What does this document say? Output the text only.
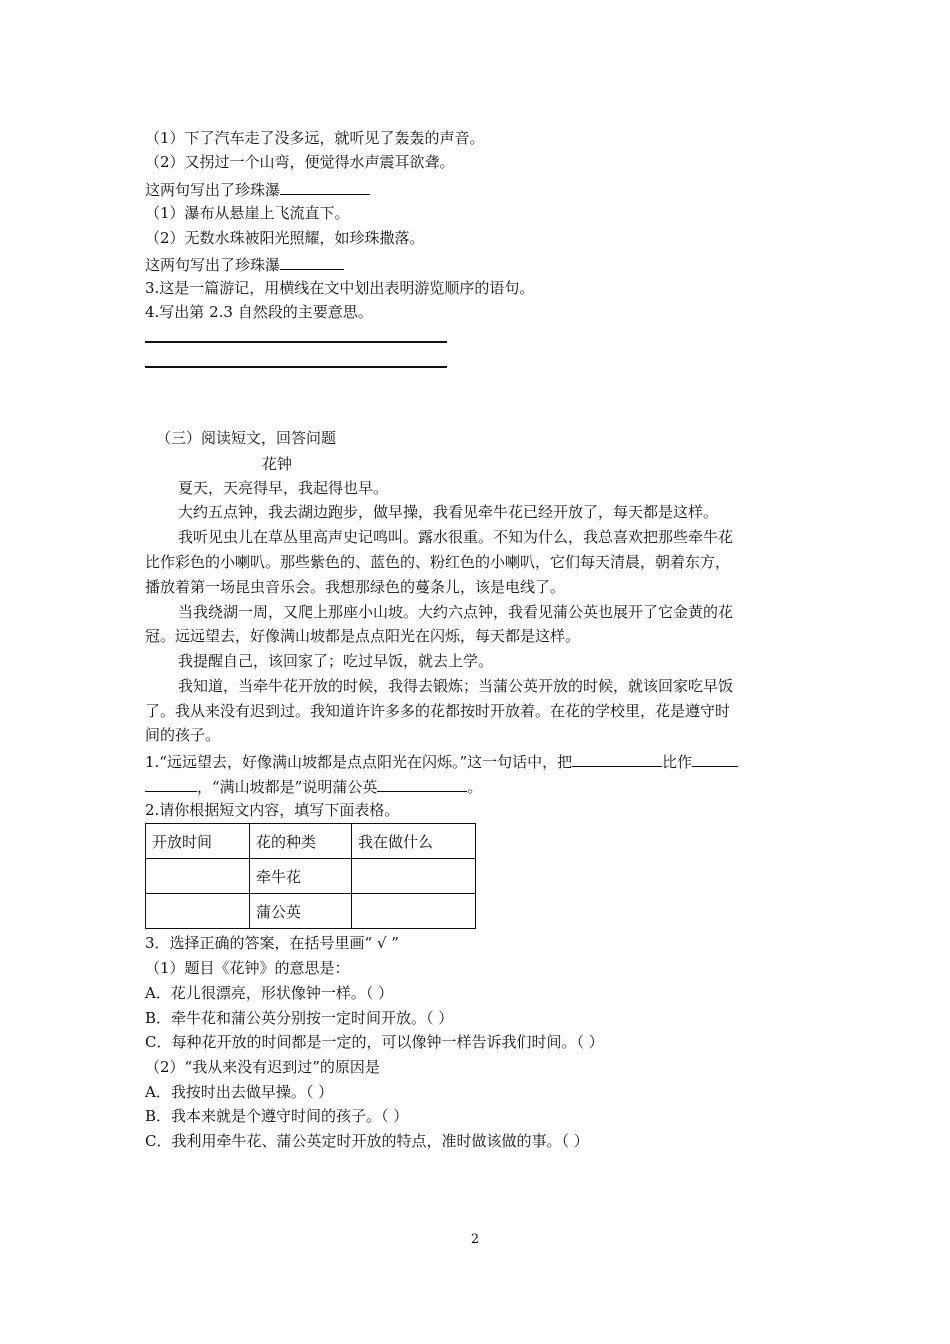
（1）下了汽车走了没多远，就听见了轰轰的声音。
（2）又拐过一个山弯，便觉得水声震耳欲聋。
这两句写出了珍珠瀑
（1）瀑布从悬崖上飞流直下。
（2）无数水珠被阳光照耀，如珍珠撒落。
这两句写出了珍珠瀑
3.这是一篇游记，用横线在文中划出表明游览顺序的语句。
4.写出第 2.3 自然段的主要意思。
（三）阅读短文，回答问题
花钟
夏天，天亮得早，我起得也早。
大约五点钟，我去湖边跑步，做早操，我看见牵牛花已经开放了，每天都是这样。
我听见虫儿在草丛里高声史记鸣叫。露水很重。不知为什么，我总喜欢把那些牵牛花
比作彩色的小喇叭。那些紫色的、蓝色的、粉红色的小喇叭，它们每天清晨，朝着东方，
播放着第一场昆虫音乐会。我想那绿色的蔓条儿，该是电线了。
当我绕湖一周，又爬上那座小山坡。大约六点钟，我看见蒲公英也展开了它金黄的花
冠。远远望去，好像满山坡都是点点阳光在闪烁，每天都是这样。
我提醒自己，该回家了；吃过早饭，就去上学。
我知道，当牵牛花开放的时候，我得去锻炼；当蒲公英开放的时候，就该回家吃早饭
了。我从来没有迟到过。我知道许许多多的花都按时开放着。在花的学校里，花是遵守时
间的孩子。
1.“远远望去，好像满山坡都是点点阳光在闪烁。”这一句话中，把	比作
，“满山坡都是”说明蒲公英	。
2.请你根据短文内容，填写下面表格。
开放时间	花的种类	我在做什么
	牵牛花	
	蒲公英	
3．选择正确的答案，在括号里画“ √ ”
（1）题目《花钟》的意思是：
A．花儿很漂亮，形状像钟一样。（ ）
B．牵牛花和蒲公英分别按一定时间开放。（ ）
C．每种花开放的时间都是一定的，可以像钟一样告诉我们时间。（ ）
（2）“我从来没有迟到过”的原因是
A．我按时出去做早操。（ ）
B．我本来就是个遵守时间的孩子。（ ）
C．我利用牵牛花、蒲公英定时开放的特点，准时做该做的事。（ ）
2
